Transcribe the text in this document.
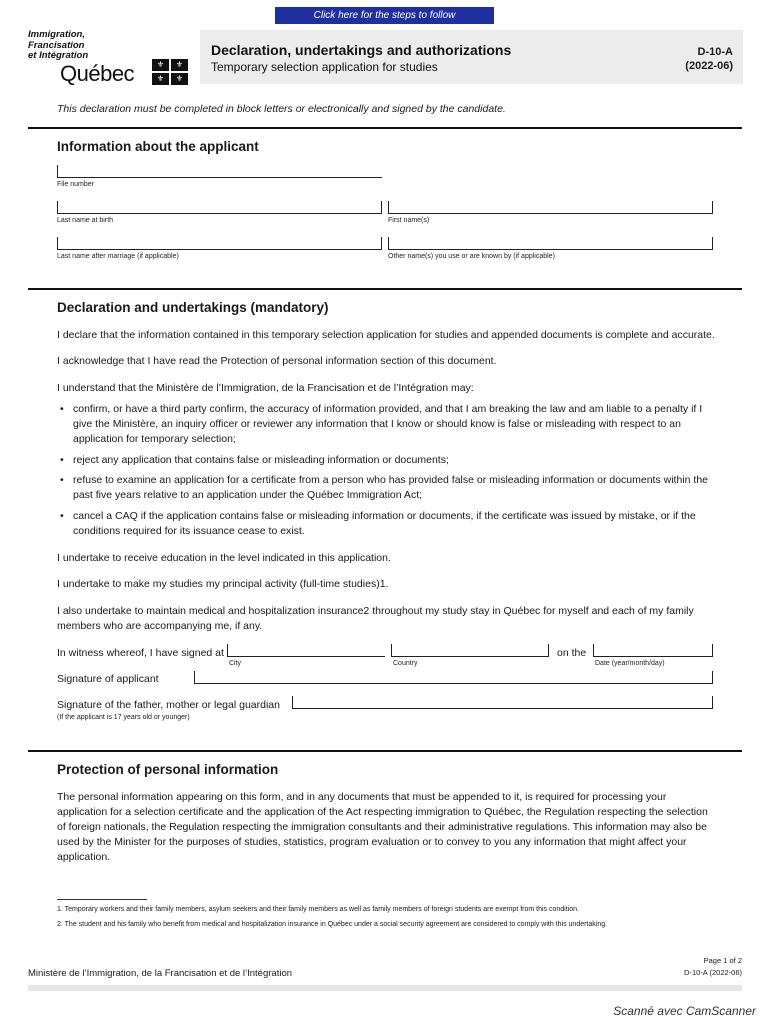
Click here for the steps to follow
Immigration,
Francisation
et Intégration
Québec	⚜	⚜
⚜	⚜
Declaration, undertakings and authorizations
Temporary selection application for studies
D-10-A
(2022-06)
This declaration must be completed in block letters or electronically and signed by the candidate.
Information about the applicant
File number
Last name at birth	First name(s)
Last name after marriage (if applicable)	Other name(s) you use or are known by (if applicable)
Declaration and undertakings (mandatory)
I declare that the information contained in this temporary selection application for studies and appended documents is complete and accurate.
I acknowledge that I have read the Protection of personal information section of this document.
I understand that the Ministère de l’Immigration, de la Francisation et de l’Intégration may:
• confirm, or have a third party confirm, the accuracy of information provided, and that I am breaking the law and am liable to a penalty if I give the Ministère, an inquiry officer or reviewer any information that I know or should know is false or misleading with respect to an application for temporary selection;
• reject any application that contains false or misleading information or documents;
• refuse to examine an application for a certificate from a person who has provided false or misleading information or documents within the past five years relative to an application under the Québec Immigration Act;
• cancel a CAQ if the application contains false or misleading information or documents, if the certificate was issued by mistake, or if the conditions required for its issuance cease to exist.
I undertake to receive education in the level indicated in this application.
I undertake to make my studies my principal activity (full-time studies)1.
I also undertake to maintain medical and hospitalization insurance2 throughout my study stay in Québec for myself and each of my family members who are accompanying me, if any.
In witness whereof, I have signed at
City	Country
on the
Date (year/month/day)
Signature of applicant
Signature of the father, mother or legal guardian
(If the applicant is 17 years old or younger)
Protection of personal information
The personal information appearing on this form, and in any documents that must be appended to it, is required for processing your application for a selection certificate and the application of the Act respecting immigration to Québec, the Regulation respecting the selection of foreign nationals, the Regulation respecting the immigration consultants and their administrative regulations. This information may also be used by the Minister for the purposes of studies, statistics, program evaluation or to convey to you any information that might affect your application.
1. Temporary workers and their family members, asylum seekers and their family members as well as family members of foreign students are exempt from this condition.
2. The student and his family who benefit from medical and hospitalization insurance in Québec under a social security agreement are considered to comply with this undertaking.
Ministère de l’Immigration, de la Francisation et de l’Intégration
Page 1 of 2
D-10-A (2022-06)
Scanné avec CamScanner
